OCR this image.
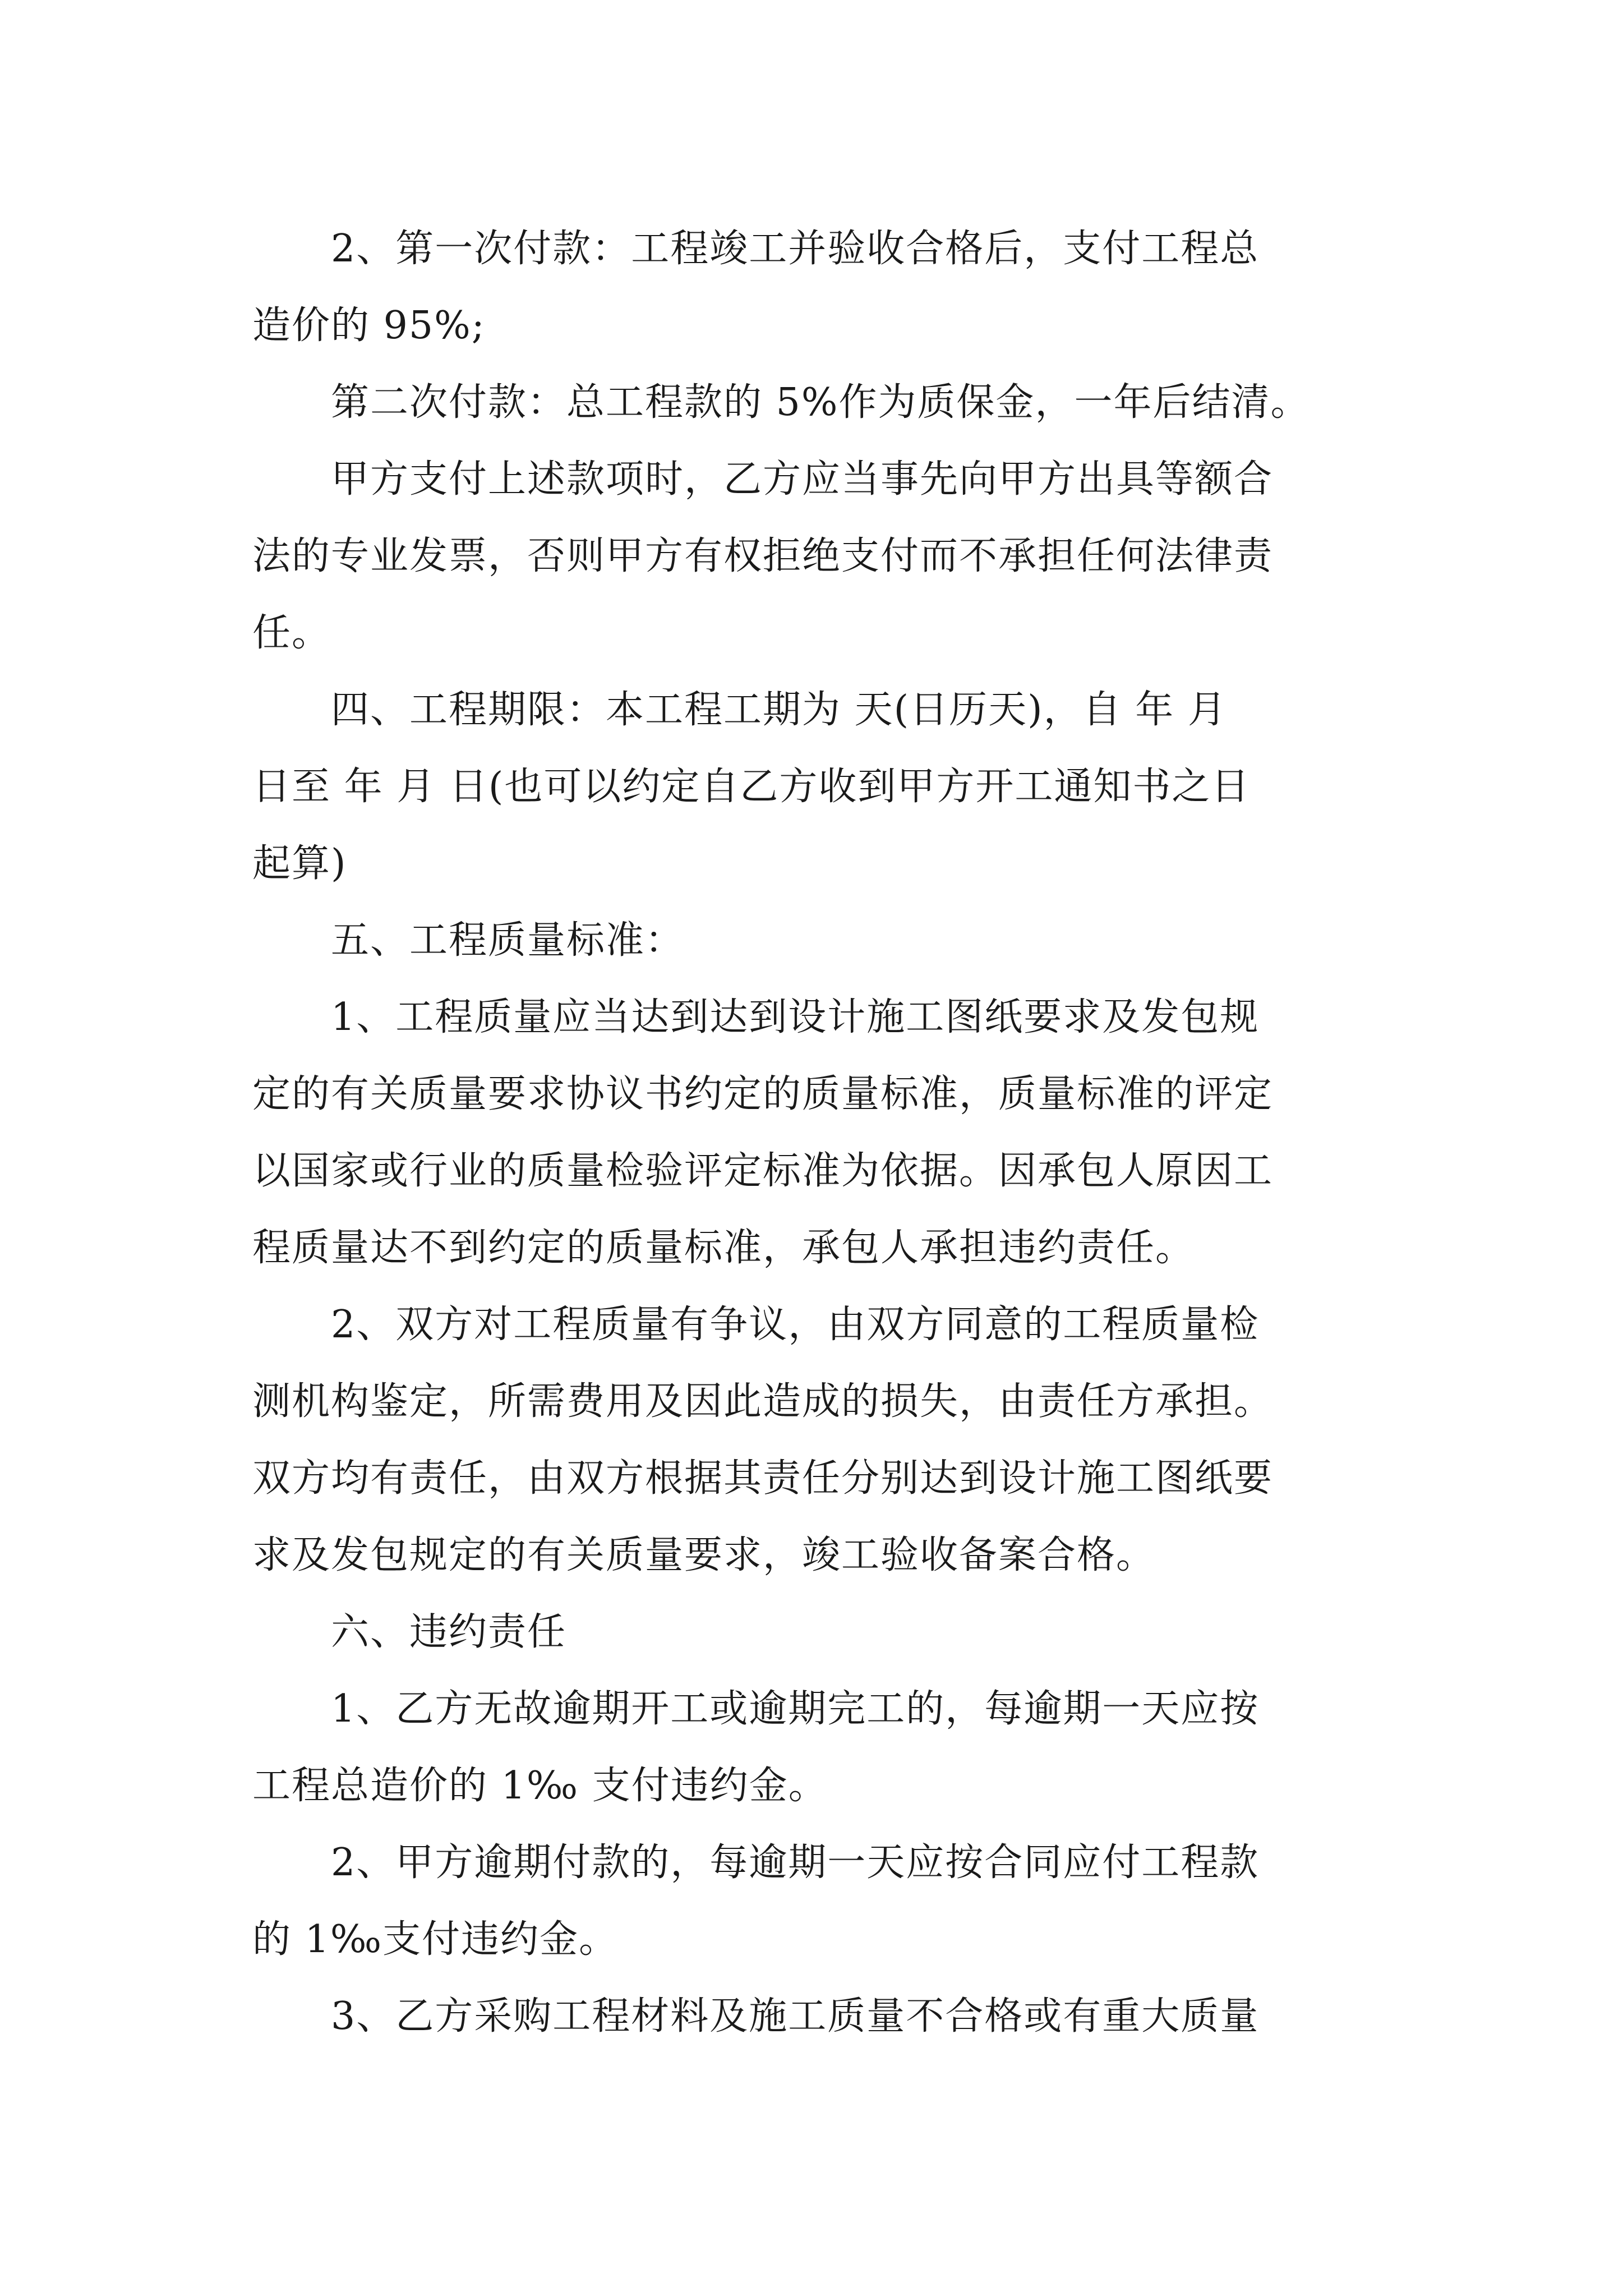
2、第一次付款：工程竣工并验收合格后，支付工程总
造价的 95%;
第二次付款：总工程款的 5%作为质保金，一年后结清。
甲方支付上述款项时，乙方应当事先向甲方出具等额合
法的专业发票，否则甲方有权拒绝支付而不承担任何法律责
任。
四、工程期限：本工程工期为 天(日历天)，自 年 月
日至 年 月 日(也可以约定自乙方收到甲方开工通知书之日
起算)
五、工程质量标准：
1、工程质量应当达到达到设计施工图纸要求及发包规
定的有关质量要求协议书约定的质量标准，质量标准的评定
以国家或行业的质量检验评定标准为依据。因承包人原因工
程质量达不到约定的质量标准，承包人承担违约责任。
2、双方对工程质量有争议，由双方同意的工程质量检
测机构鉴定，所需费用及因此造成的损失，由责任方承担。
双方均有责任，由双方根据其责任分别达到设计施工图纸要
求及发包规定的有关质量要求，竣工验收备案合格。
六、违约责任
1、乙方无故逾期开工或逾期完工的，每逾期一天应按
工程总造价的 1‰ 支付违约金。
2、甲方逾期付款的，每逾期一天应按合同应付工程款
的 1‰支付违约金。
3、乙方采购工程材料及施工质量不合格或有重大质量
